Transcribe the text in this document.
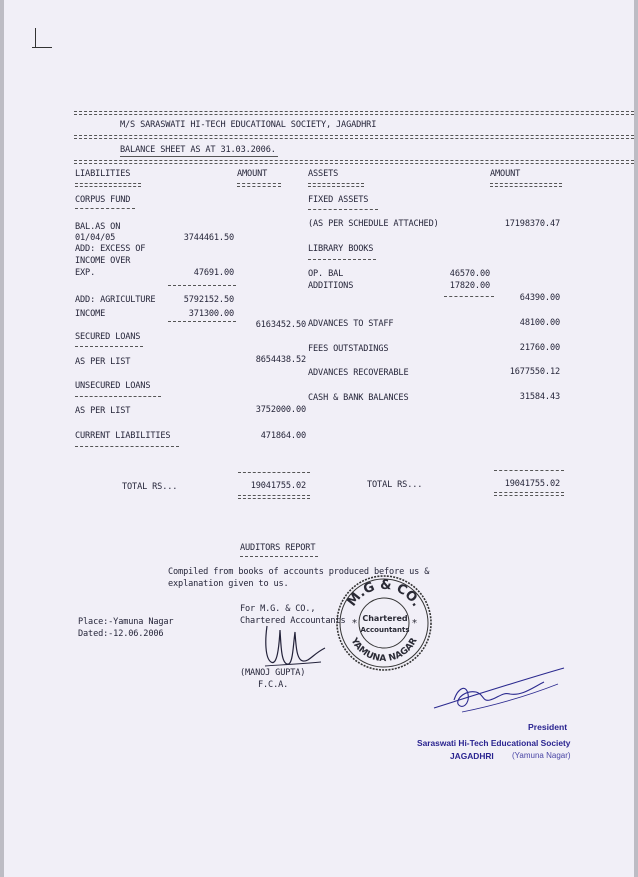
M/S SARASWATI HI-TECH EDUCATIONAL SOCIETY, JAGADHRI
BALANCE SHEET AS AT 31.03.2006.
LIABILITIES	AMOUNT	ASSETS	AMOUNT
CORPUS FUND
BAL.AS ON
01/04/05	3744461.50
ADD: EXCESS OF
INCOME OVER
EXP.	47691.00
ADD: AGRICULTURE	5792152.50
INCOME	371300.00
6163452.50
SECURED LOANS
AS PER LIST	8654438.52
UNSECURED LOANS
AS PER LIST	3752000.00
CURRENT LIABILITIES	471864.00
TOTAL RS...	19041755.02
FIXED ASSETS
(AS PER SCHEDULE ATTACHED)	17198370.47
LIBRARY BOOKS
OP. BAL	46570.00
ADDITIONS	17820.00
64390.00
ADVANCES TO STAFF	48100.00
FEES OUTSTADINGS	21760.00
ADVANCES RECOVERABLE	1677550.12
CASH & BANK BALANCES	31584.43
TOTAL RS...	19041755.02
AUDITORS REPORT
Compiled from books of accounts produced before us &
explanation given to us.
Place:-Yamuna Nagar
Dated:-12.06.2006
For M.G. & CO.,
Chartered Accountants
(MANOJ GUPTA)
F.C.A.
M.G & CO.
YAMUNA NAGAR
Chartered
Accountants
*	*
President
Saraswati Hi-Tech Educational Society
JAGADHRI (Yamuna Nagar)
